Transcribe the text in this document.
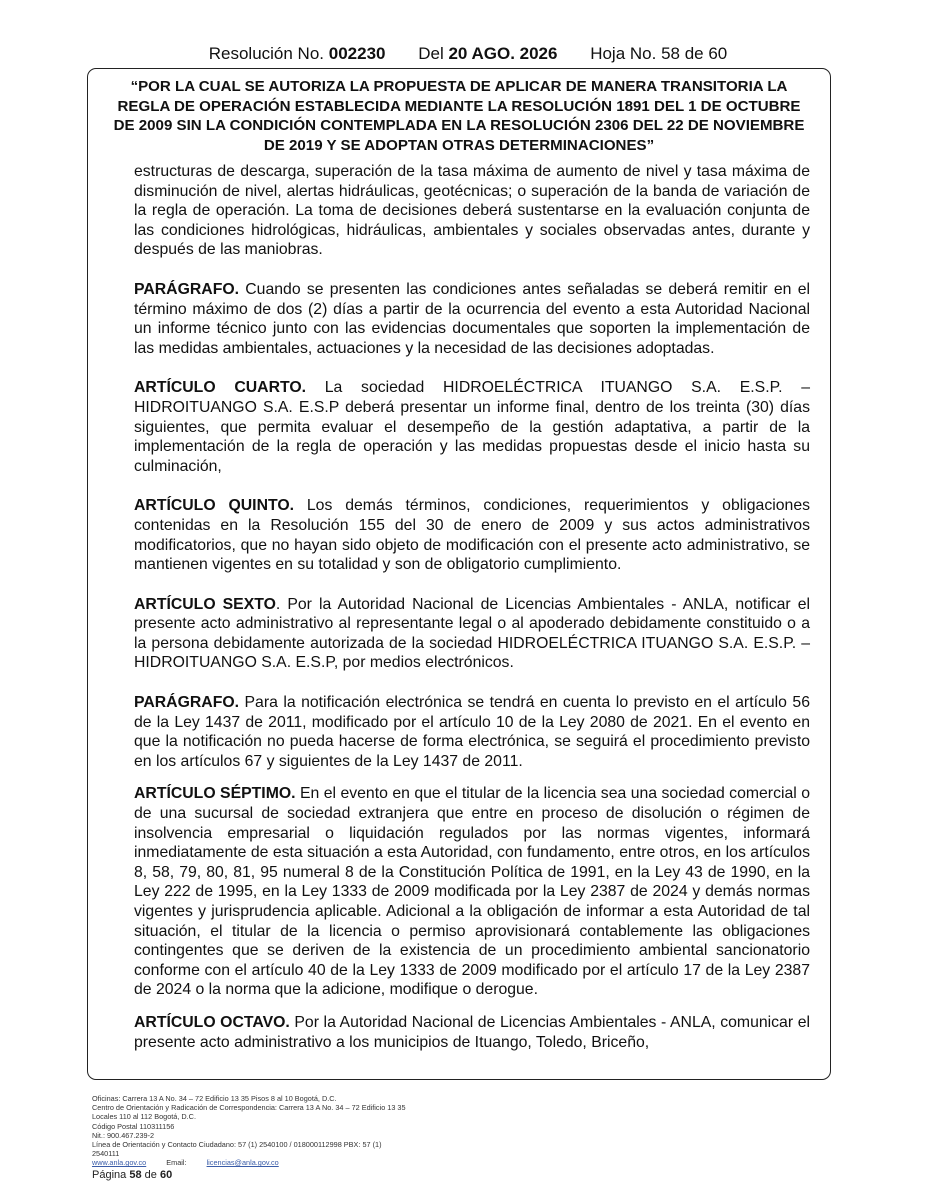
Resolución No. 002230 Del 20 AGO. 2026 Hoja No. 58 de 60
“POR LA CUAL SE AUTORIZA LA PROPUESTA DE APLICAR DE MANERA TRANSITORIA LA REGLA DE OPERACIÓN ESTABLECIDA MEDIANTE LA RESOLUCIÓN 1891 DEL 1 DE OCTUBRE DE 2009 SIN LA CONDICIÓN CONTEMPLADA EN LA RESOLUCIÓN 2306 DEL 22 DE NOVIEMBRE DE 2019 Y SE ADOPTAN OTRAS DETERMINACIONES”
estructuras de descarga, superación de la tasa máxima de aumento de nivel y tasa máxima de disminución de nivel, alertas hidráulicas, geotécnicas; o superación de la banda de variación de la regla de operación. La toma de decisiones deberá sustentarse en la evaluación conjunta de las condiciones hidrológicas, hidráulicas, ambientales y sociales observadas antes, durante y después de las maniobras.
PARÁGRAFO. Cuando se presenten las condiciones antes señaladas se deberá remitir en el término máximo de dos (2) días a partir de la ocurrencia del evento a esta Autoridad Nacional un informe técnico junto con las evidencias documentales que soporten la implementación de las medidas ambientales, actuaciones y la necesidad de las decisiones adoptadas.
ARTÍCULO CUARTO. La sociedad HIDROELÉCTRICA ITUANGO S.A. E.S.P. – HIDROITUANGO S.A. E.S.P deberá presentar un informe final, dentro de los treinta (30) días siguientes, que permita evaluar el desempeño de la gestión adaptativa, a partir de la implementación de la regla de operación y las medidas propuestas desde el inicio hasta su culminación,
ARTÍCULO QUINTO. Los demás términos, condiciones, requerimientos y obligaciones contenidas en la Resolución 155 del 30 de enero de 2009 y sus actos administrativos modificatorios, que no hayan sido objeto de modificación con el presente acto administrativo, se mantienen vigentes en su totalidad y son de obligatorio cumplimiento.
ARTÍCULO SEXTO. Por la Autoridad Nacional de Licencias Ambientales - ANLA, notificar el presente acto administrativo al representante legal o al apoderado debidamente constituido o a la persona debidamente autorizada de la sociedad HIDROELÉCTRICA ITUANGO S.A. E.S.P. – HIDROITUANGO S.A. E.S.P, por medios electrónicos.
PARÁGRAFO. Para la notificación electrónica se tendrá en cuenta lo previsto en el artículo 56 de la Ley 1437 de 2011, modificado por el artículo 10 de la Ley 2080 de 2021. En el evento en que la notificación no pueda hacerse de forma electrónica, se seguirá el procedimiento previsto en los artículos 67 y siguientes de la Ley 1437 de 2011.
ARTÍCULO SÉPTIMO. En el evento en que el titular de la licencia sea una sociedad comercial o de una sucursal de sociedad extranjera que entre en proceso de disolución o régimen de insolvencia empresarial o liquidación regulados por las normas vigentes, informará inmediatamente de esta situación a esta Autoridad, con fundamento, entre otros, en los artículos 8, 58, 79, 80, 81, 95 numeral 8 de la Constitución Política de 1991, en la Ley 43 de 1990, en la Ley 222 de 1995, en la Ley 1333 de 2009 modificada por la Ley 2387 de 2024 y demás normas vigentes y jurisprudencia aplicable. Adicional a la obligación de informar a esta Autoridad de tal situación, el titular de la licencia o permiso aprovisionará contablemente las obligaciones contingentes que se deriven de la existencia de un procedimiento ambiental sancionatorio conforme con el artículo 40 de la Ley 1333 de 2009 modificado por el artículo 17 de la Ley 2387 de 2024 o la norma que la adicione, modifique o derogue.
ARTÍCULO OCTAVO. Por la Autoridad Nacional de Licencias Ambientales - ANLA, comunicar el presente acto administrativo a los municipios de Ituango, Toledo, Briceño,
Oficinas: Carrera 13 A No. 34 – 72 Edificio 13 35 Pisos 8 al 10 Bogotá, D.C.
Centro de Orientación y Radicación de Correspondencia: Carrera 13 A No. 34 – 72 Edificio 13 35
Locales 110 al 112 Bogotá, D.C.
Código Postal 110311156
Nit.: 900.467.239-2
Línea de Orientación y Contacto Ciudadano: 57 (1) 2540100 / 018000112998 PBX: 57 (1)
2540111
www.anla.gov.co	Email:	licencias@anla.gov.co
Página 58 de 60
